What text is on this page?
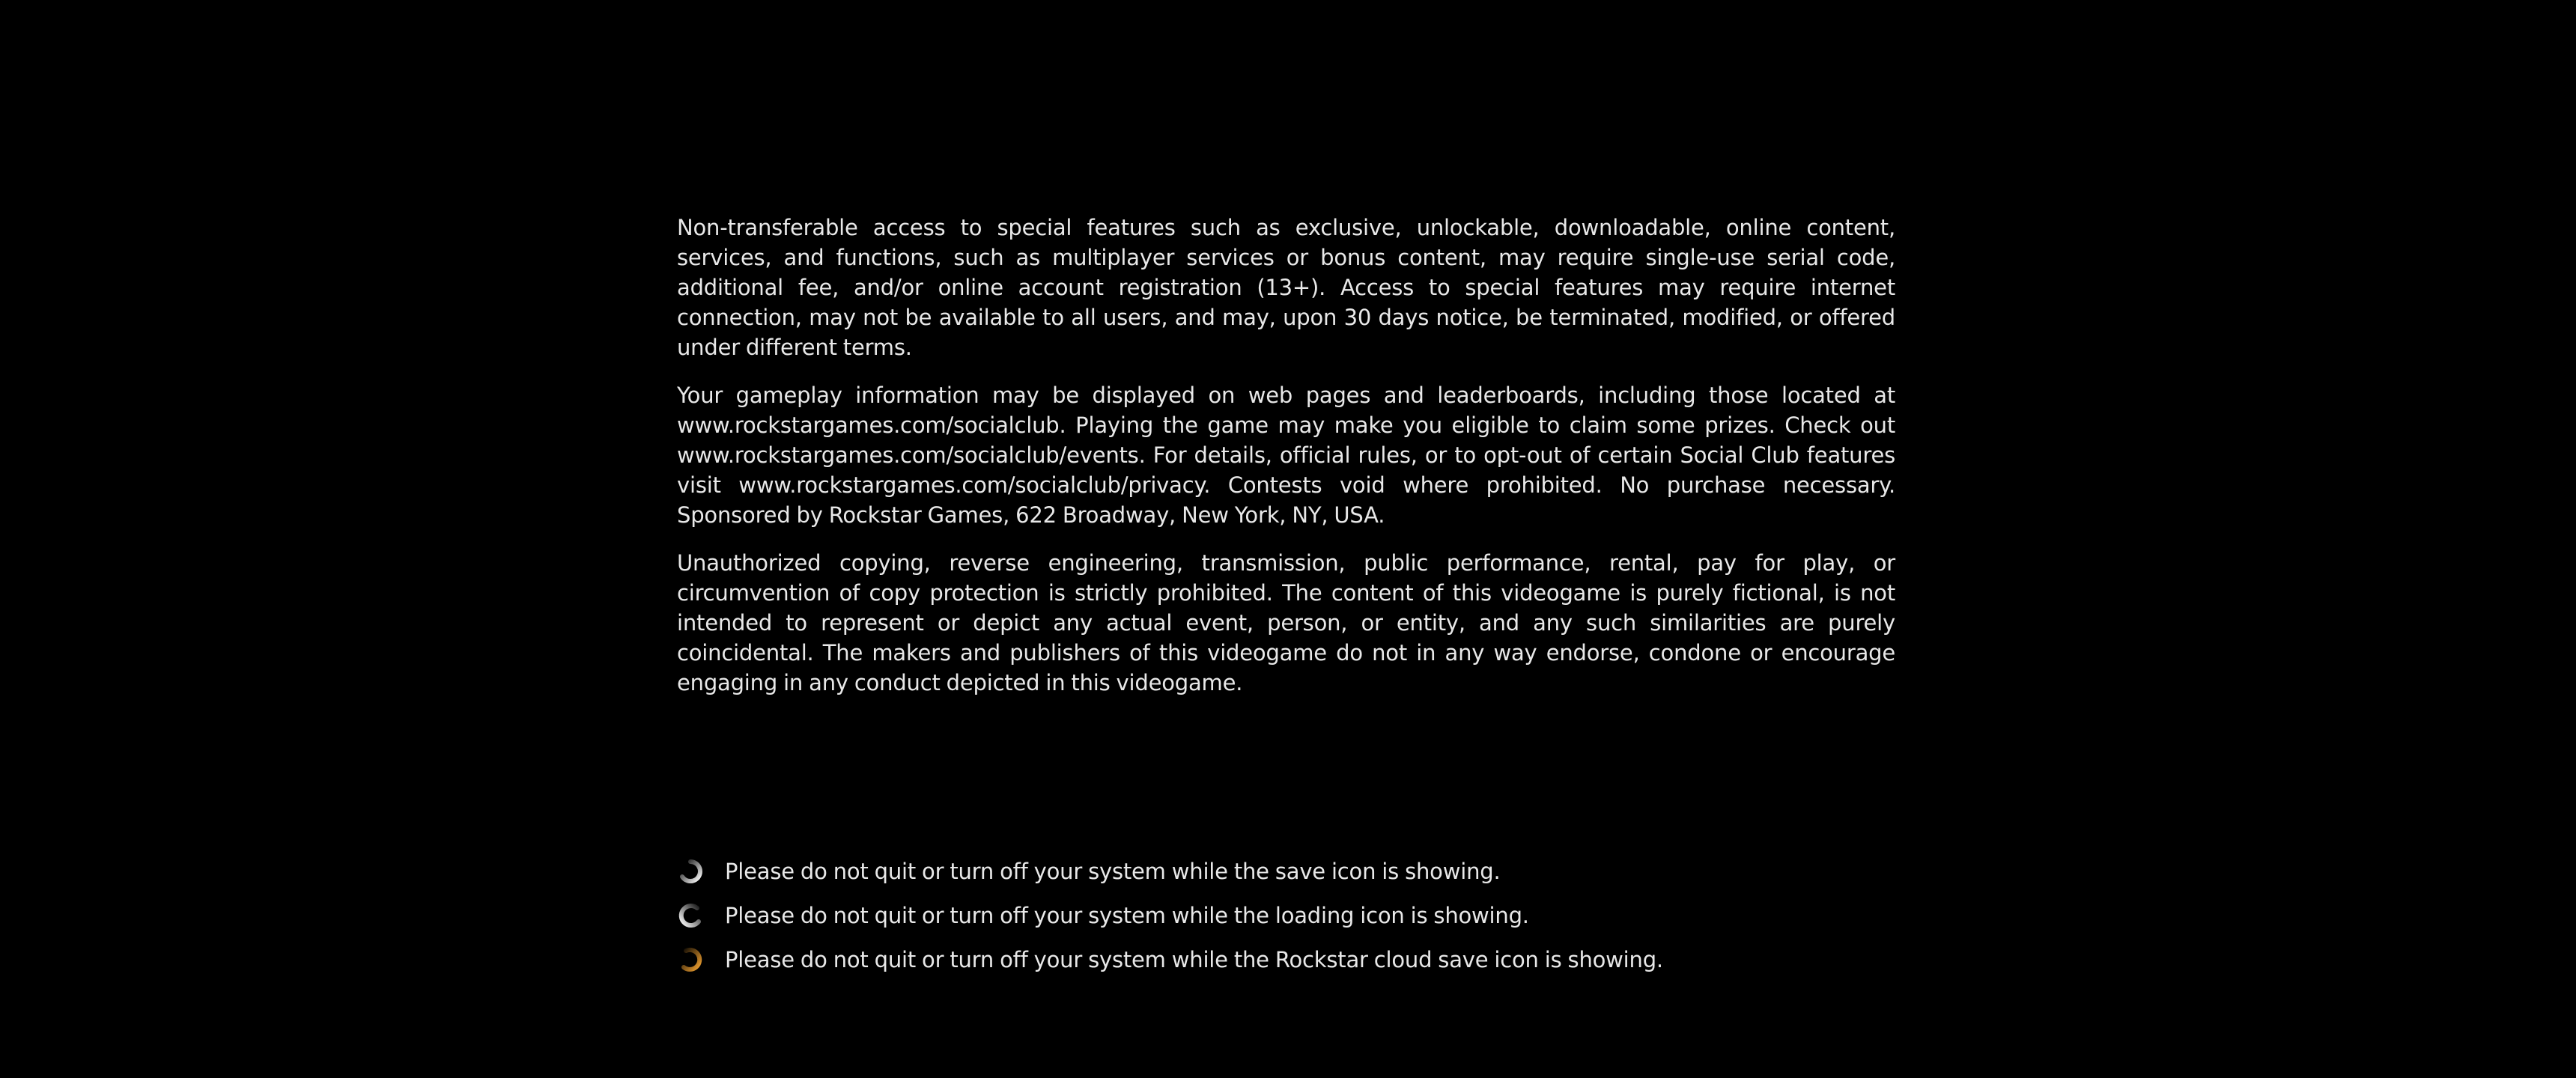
Non-transferable access to special features such as exclusive, unlockable, downloadable, online content, services, and functions, such as multiplayer services or bonus content, may require single-use serial code, additional fee, and/or online account registration (13+). Access to special features may require internet connection, may not be available to all users, and may, upon 30 days notice, be terminated, modified, or offered under different terms.

Your gameplay information may be displayed on web pages and leaderboards, including those located at www.rockstargames.com/socialclub. Playing the game may make you eligible to claim some prizes. Check out www.rockstargames.com/socialclub/events. For details, official rules, or to opt-out of certain Social Club features visit www.rockstargames.com/socialclub/privacy. Contests void where prohibited. No purchase necessary. Sponsored by Rockstar Games, 622 Broadway, New York, NY, USA.

Unauthorized copying, reverse engineering, transmission, public performance, rental, pay for play, or circumvention of copy protection is strictly prohibited. The content of this videogame is purely fictional, is not intended to represent or depict any actual event, person, or entity, and any such similarities are purely coincidental. The makers and publishers of this videogame do not in any way endorse, condone or encourage engaging in any conduct depicted in this videogame.

Please do not quit or turn off your system while the save icon is showing.
Please do not quit or turn off your system while the loading icon is showing.
Please do not quit or turn off your system while the Rockstar cloud save icon is showing.
